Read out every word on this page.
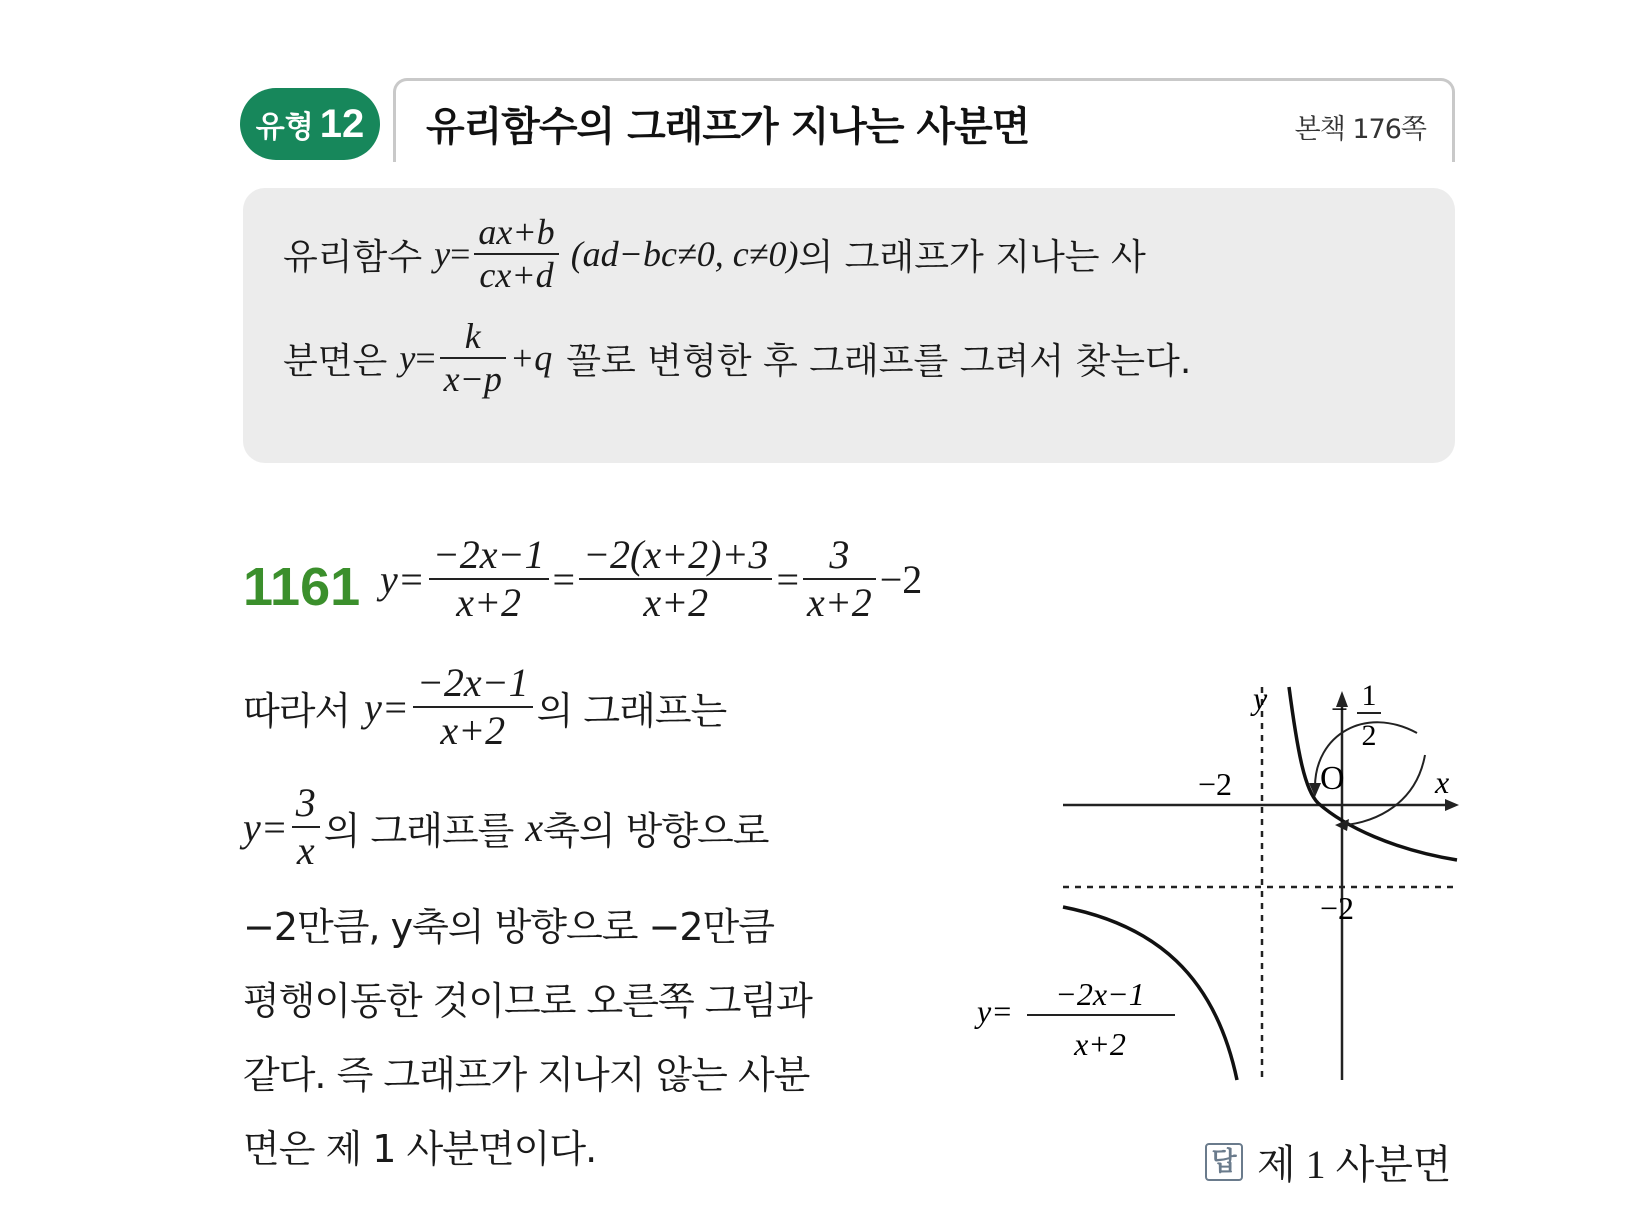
유형 12 유리함수의 그래프가 지나는 사분면	본책 176쪽
유리함수 $y = \frac{ax+b}{cx+d} (ad-bc\ne 0$, c≠0) 의 그래프가 지나는 사
분면은 $y = \frac{k}{x-p} +q$ 꼴로 변형한 후 그래프를 그려서 찾는다.
1161 $y= \frac{-2x-1}{x+2} = \frac{-2(x+2)+3}{x+2} = \frac{3}{x+2} -2$
따라서 $y= \frac{-2x-1}{x+2}$ 의 그래프는
$y= \frac{3}{x}$ 의 그래프를 x 축의 방향으로
−2만큼, y축의 방향으로 −2만큼
평행이동한 것이므로 오른쪽 그림과
같다. 즉 그래프가 지나지 않는 사분
면은 제 1 사분면이다.
y
x
O
−2
−2
− 1
2
y= −2x−1
x+2
답 제 1 사분면
